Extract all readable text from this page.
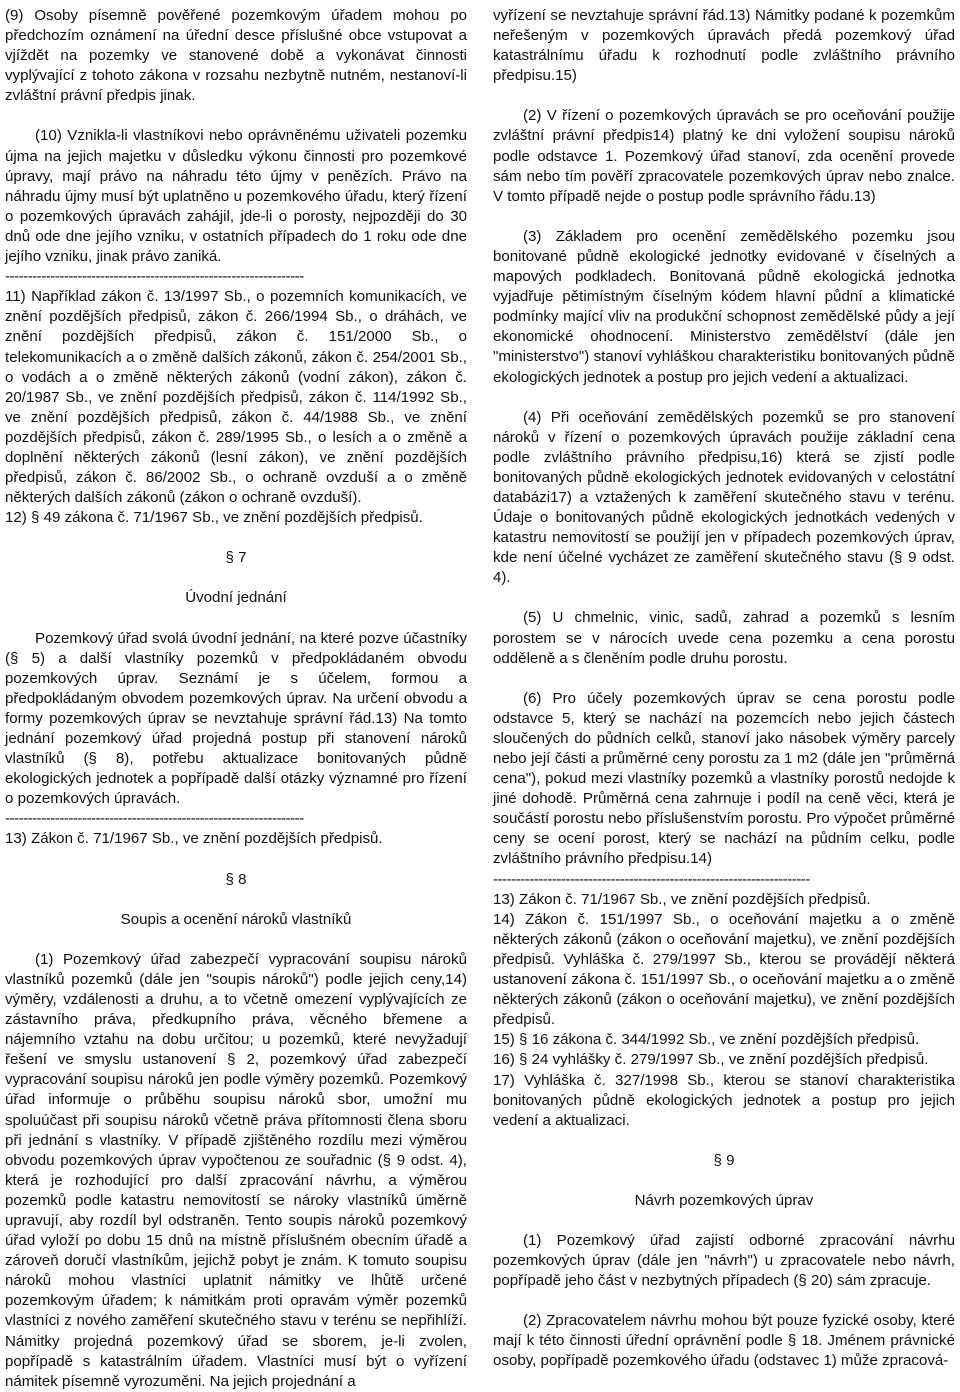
(9) Osoby písemně pověřené pozemkovým úřadem mohou po předchozím oznámení na úřední desce příslušné obce vstupovat a vjíždět na pozemky ve stanovené době a vykonávat činnosti vyplývající z tohoto zákona v rozsahu nezbytně nutném, nestanoví-li zvláštní právní předpis jinak.

(10) Vznikla-li vlastníkovi nebo oprávněnému uživateli pozemku újma na jejich majetku v důsledku výkonu činnosti pro pozemkové úpravy, mají právo na náhradu této újmy v penězích. Právo na náhradu újmy musí být uplatněno u pozemkového úřadu, který řízení o pozemkových úpravách zahájil, jde-li o porosty, nejpozději do 30 dnů ode dne jejího vzniku, v ostatních případech do 1 roku ode dne jejího vzniku, jinak právo zaniká.

------------------------------------------------------------------

11) Například zákon č. 13/1997 Sb., o pozemních komunikacích, ve znění pozdějších předpisů, zákon č. 266/1994 Sb., o dráhách, ve znění pozdějších předpisů, zákon č. 151/2000 Sb., o telekomunikacích a o změně dalších zákonů, zákon č. 254/2001 Sb., o vodách a o změně některých zákonů (vodní zákon), zákon č. 20/1987 Sb., ve znění pozdějších předpisů, zákon č. 114/1992 Sb., ve znění pozdějších předpisů, zákon č. 44/1988 Sb., ve znění pozdějších předpisů, zákon č. 289/1995 Sb., o lesích a o změně a doplnění některých zákonů (lesní zákon), ve znění pozdějších předpisů, zákon č. 86/2002 Sb., o ochraně ovzduší a o změně některých dalších zákonů (zákon o ochraně ovzduší).

12) § 49 zákona č. 71/1967 Sb., ve znění pozdějších předpisů.

§ 7

Úvodní jednání

Pozemkový úřad svolá úvodní jednání, na které pozve účastníky (§ 5) a další vlastníky pozemků v předpokládaném obvodu pozemkových úprav. Seznámí je s účelem, formou a předpokládaným obvodem pozemkových úprav. Na určení obvodu a formy pozemkových úprav se nevztahuje správní řád.13) Na tomto jednání pozemkový úřad projedná postup při stanovení nároků vlastníků (§ 8), potřebu aktualizace bonitovaných půdně ekologických jednotek a popřípadě další otázky významné pro řízení o pozemkových úpravách.

------------------------------------------------------------------

13) Zákon č. 71/1967 Sb., ve znění pozdějších předpisů.

§ 8

Soupis a ocenění nároků vlastníků

(1) Pozemkový úřad zabezpečí vypracování soupisu nároků vlastníků pozemků (dále jen "soupis nároků") podle jejich ceny,14) výměry, vzdálenosti a druhu, a to včetně omezení vyplývajících ze zástavního práva, předkupního práva, věcného břemene a nájemního vztahu na dobu určitou; u pozemků, které nevyžadují řešení ve smyslu ustanovení § 2, pozemkový úřad zabezpečí vypracování soupisu nároků jen podle výměry pozemků. Pozemkový úřad informuje o průběhu soupisu nároků sbor, umožní mu spoluúčast při soupisu nároků včetně práva přítomnosti člena sboru při jednání s vlastníky. V případě zjištěného rozdílu mezi výměrou obvodu pozemkových úprav vypočtenou ze souřadnic (§ 9 odst. 4), která je rozhodující pro další zpracování návrhu, a výměrou pozemků podle katastru nemovitostí se nároky vlastníků úměrně upravují, aby rozdíl byl odstraněn. Tento soupis nároků pozemkový úřad vyloží po dobu 15 dnů na místně příslušném obecním úřadě a zároveň doručí vlastníkům, jejichž pobyt je znám. K tomuto soupisu nároků mohou vlastníci uplatnit námitky ve lhůtě určené pozemkovým úřadem; k námitkám proti opravám výměr pozemků vlastníci z nového zaměření skutečného stavu v terénu se nepřihlíží. Námitky projedná pozemkový úřad se sborem, je-li zvolen, popřípadě s katastrálním úřadem. Vlastníci musí být o vyřízení námitek písemně vyrozuměni. Na jejich projednání a

vyřízení se nevztahuje správní řád.13) Námitky podané k pozemkům neřešeným v pozemkových úpravách předá pozemkový úřad katastrálnímu úřadu k rozhodnutí podle zvláštního právního předpisu.15)

(2) V řízení o pozemkových úpravách se pro oceňování použije zvláštní právní předpis14) platný ke dni vyložení soupisu nároků podle odstavce 1. Pozemkový úřad stanoví, zda ocenění provede sám nebo tím pověří zpracovatele pozemkových úprav nebo znalce. V tomto případě nejde o postup podle správního řádu.13)

(3) Základem pro ocenění zemědělského pozemku jsou bonitované půdně ekologické jednotky evidované v číselných a mapových podkladech. Bonitovaná půdně ekologická jednotka vyjadřuje pětimístným číselným kódem hlavní půdní a klimatické podmínky mající vliv na produkční schopnost zemědělské půdy a její ekonomické ohodnocení. Ministerstvo zemědělství (dále jen "ministerstvo") stanoví vyhláškou charakteristiku bonitovaných půdně ekologických jednotek a postup pro jejich vedení a aktualizaci.

(4) Při oceňování zemědělských pozemků se pro stanovení nároků v řízení o pozemkových úpravách použije základní cena podle zvláštního právního předpisu,16) která se zjistí podle bonitovaných půdně ekologických jednotek evidovaných v celostátní databázi17) a vztažených k zaměření skutečného stavu v terénu. Údaje o bonitovaných půdně ekologických jednotkách vedených v katastru nemovitostí se použijí jen v případech pozemkových úprav, kde není účelné vycházet ze zaměření skutečného stavu (§ 9 odst. 4).

(5) U chmelnic, vinic, sadů, zahrad a pozemků s lesním porostem se v nárocích uvede cena pozemku a cena porostu odděleně a s členěním podle druhu porostu.

(6) Pro účely pozemkových úprav se cena porostu podle odstavce 5, který se nachází na pozemcích nebo jejich částech sloučených do půdních celků, stanoví jako násobek výměry parcely nebo její části a průměrné ceny porostu za 1 m2 (dále jen "průměrná cena"), pokud mezi vlastníky pozemků a vlastníky porostů nedojde k jiné dohodě. Průměrná cena zahrnuje i podíl na ceně věci, která je součástí porostu nebo příslušenstvím porostu. Pro výpočet průměrné ceny se ocení porost, který se nachází na půdním celku, podle zvláštního právního předpisu.14)

----------------------------------------------------------------------

13) Zákon č. 71/1967 Sb., ve znění pozdějších předpisů.

14) Zákon č. 151/1997 Sb., o oceňování majetku a o změně některých zákonů (zákon o oceňování majetku), ve znění pozdějších předpisů. Vyhláška č. 279/1997 Sb., kterou se provádějí některá ustanovení zákona č. 151/1997 Sb., o oceňování majetku a o změně některých zákonů (zákon o oceňování majetku), ve znění pozdějších předpisů.

15) § 16 zákona č. 344/1992 Sb., ve znění pozdějších předpisů.

16) § 24 vyhlášky č. 279/1997 Sb., ve znění pozdějších předpisů.

17) Vyhláška č. 327/1998 Sb., kterou se stanoví charakteristika bonitovaných půdně ekologických jednotek a postup pro jejich vedení a aktualizaci.

§ 9

Návrh pozemkových úprav

(1) Pozemkový úřad zajistí odborné zpracování návrhu pozemkových úprav (dále jen "návrh") u zpracovatele nebo návrh, popřípadě jeho část v nezbytných případech (§ 20) sám zpracuje.

(2) Zpracovatelem návrhu mohou být pouze fyzické osoby, které mají k této činnosti úřední oprávnění podle § 18. Jménem právnické osoby, popřípadě pozemkového úřadu (odstavec 1) může zpracová-
